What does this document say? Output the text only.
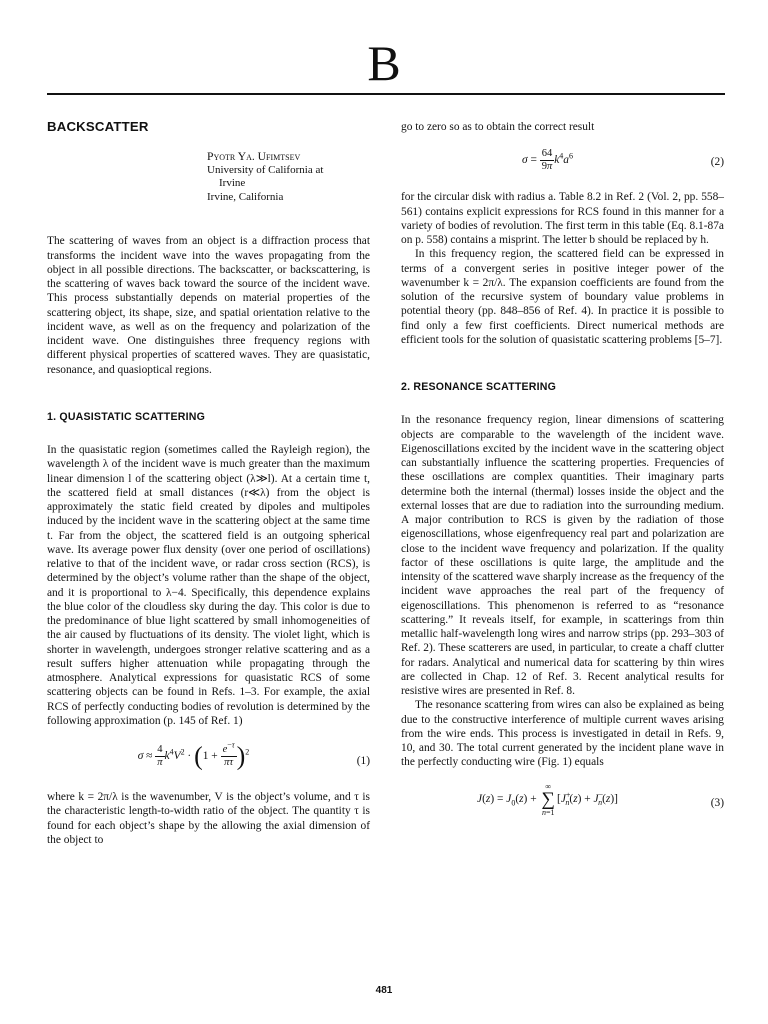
B
BACKSCATTER
Pyotr Ya. Ufimtsev
University of California at
Irvine
Irvine, California

The scattering of waves from an object is a diffraction process that transforms the incident wave into the waves propagating from the object in all possible directions. The backscatter, or backscattering, is the scattering of waves back toward the source of the incident wave. This process substantially depends on material properties of the scattering object, its shape, size, and spatial orientation relative to the incident wave, as well as on the frequency and polarization of the incident wave. One distinguishes three frequency regions with different physical properties of scattered waves. They are quasistatic, resonance, and quasioptical regions.

1. QUASISTATIC SCATTERING

In the quasistatic region (sometimes called the Rayleigh region), the wavelength λ of the incident wave is much greater than the maximum linear dimension l of the scattering object (λ≫l). At a certain time t, the scattered field at small distances (r≪λ) from the object is approximately the static field created by dipoles and multipoles induced by the incident wave in the scattering object at the same time t. Far from the object, the scattered field is an outgoing spherical wave. Its average power flux density (over one period of oscillations) relative to that of the incident wave, or radar cross section (RCS), is determined by the object’s volume rather than the shape of the object, and it is proportional to λ−4. Specifically, this dependence explains the blue color of the cloudless sky during the day. This color is due to the predominance of blue light scattered by small inhomogeneities of the air caused by fluctuations of its density. The violet light, which is shorter in wavelength, undergoes stronger relative scattering and as a result suffers higher attenuation while propagating through the atmosphere. Analytical expressions for quasistatic RCS of some scattering objects can be found in Refs. 1–3. For example, the axial RCS of perfectly conducting bodies of revolution is determined by the following approximation (p. 145 of Ref. 1)

$\sigma \approx \frac{4}{\pi} k^4V^2 \cdot (1 + \frac{e^{-\tau}}{\pi\tau} )^2$
(1)

where k = 2π/λ is the wavenumber, V is the object’s volume, and τ is the characteristic length-to-width ratio of the object. The quantity τ is found for each object’s shape by the allowing the axial dimension of the object to

go to zero so as to obtain the correct result

$\sigma = \frac{64}{9\pi} k^4a^6$
(2)

for the circular disk with radius a. Table 8.2 in Ref. 2 (Vol. 2, pp. 558–561) contains explicit expressions for RCS found in this manner for a variety of bodies of revolution. The first term in this table (Eq. 8.1-87a on p. 558) contains a misprint. The letter b should be replaced by h.

In this frequency region, the scattered field can be expressed in terms of a convergent series in positive integer power of the wavenumber k = 2π/λ. The expansion coefficients are found from the solution of the recursive system of boundary value problems in potential theory (pp. 848–856 of Ref. 4). In practice it is possible to find only a few first coefficients. Direct numerical methods are efficient tools for the solution of quasistatic scattering problems [5–7].

2. RESONANCE SCATTERING

In the resonance frequency region, linear dimensions of scattering objects are comparable to the wavelength of the incident wave. Eigenoscillations excited by the incident wave in the scattering object can substantially influence the scattering properties. Frequencies of these oscillations are complex quantities. Their imaginary parts determine both the internal (thermal) losses inside the object and the external losses that are due to radiation into the surrounding medium. A major contribution to RCS is given by the radiation of those eigenoscillations, whose eigenfrequency real part and polarization are close to the incident wave frequency and polarization. If the quality factor of these oscillations is quite large, the amplitude and the intensity of the scattered wave sharply increase as the frequency of the incident wave approaches the real part of the frequency of eigenoscillations. This phenomenon is referred to as “resonance scattering.” It reveals itself, for example, in scatterings from thin metallic half-wavelength long wires and narrow strips (pp. 293–303 of Ref. 2). These scatterers are used, in particular, to create a chaff clutter for radars. Analytical and numerical data for scattering by thin wires are collected in Chap. 12 of Ref. 3. Recent analytical results for resistive wires are presented in Ref. 8.

The resonance scattering from wires can also be explained as being due to the constructive interference of multiple current waves arising from the wire ends. This process is investigated in detail in Refs. 9, 10, and 30. The total current generated by the incident plane wave in the perfectly conducting wire (Fig. 1) equals

$J(z) = J_0(z)$ + ∞
∑
$n=1[J^+_n(z) + J^-_n(z)]$	(3)
481
